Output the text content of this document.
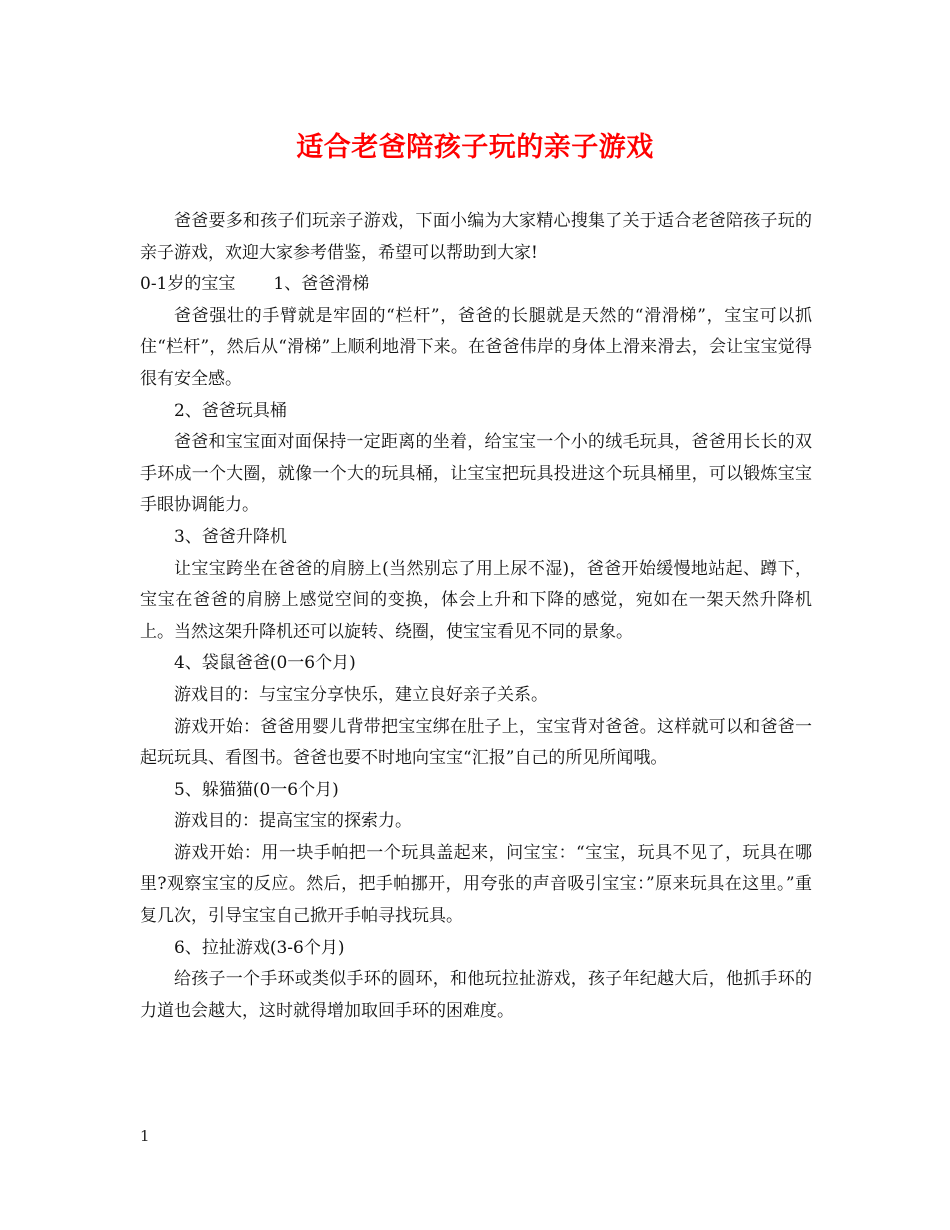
适合老爸陪孩子玩的亲子游戏

爸爸要多和孩子们玩亲子游戏，下面小编为大家精心搜集了关于适合老爸陪孩子玩的亲子游戏，欢迎大家参考借鉴，希望可以帮助到大家!

0-1岁的宝宝 1、爸爸滑梯

爸爸强壮的手臂就是牢固的“栏杆”，爸爸的长腿就是天然的“滑滑梯”，宝宝可以抓住“栏杆”，然后从“滑梯”上顺利地滑下来。在爸爸伟岸的身体上滑来滑去，会让宝宝觉得很有安全感。

2、爸爸玩具桶

爸爸和宝宝面对面保持一定距离的坐着，给宝宝一个小的绒毛玩具，爸爸用长长的双手环成一个大圈，就像一个大的玩具桶，让宝宝把玩具投进这个玩具桶里，可以锻炼宝宝手眼协调能力。

3、爸爸升降机

让宝宝跨坐在爸爸的肩膀上(当然别忘了用上尿不湿)，爸爸开始缓慢地站起、蹲下，宝宝在爸爸的肩膀上感觉空间的变换，体会上升和下降的感觉，宛如在一架天然升降机上。当然这架升降机还可以旋转、绕圈，使宝宝看见不同的景象。

4、袋鼠爸爸(0一6个月)

游戏目的：与宝宝分享快乐，建立良好亲子关系。

游戏开始：爸爸用婴儿背带把宝宝绑在肚子上，宝宝背对爸爸。这样就可以和爸爸一起玩玩具、看图书。爸爸也要不时地向宝宝“汇报”自己的所见所闻哦。

5、躲猫猫(0一6个月)

游戏目的：提高宝宝的探索力。

游戏开始：用一块手帕把一个玩具盖起来，问宝宝：“宝宝，玩具不见了，玩具在哪里?观察宝宝的反应。然后，把手帕挪开，用夸张的声音吸引宝宝：”原来玩具在这里。”重复几次，引导宝宝自己掀开手帕寻找玩具。

6、拉扯游戏(3-6个月)

给孩子一个手环或类似手环的圆环，和他玩拉扯游戏，孩子年纪越大后，他抓手环的力道也会越大，这时就得增加取回手环的困难度。

1
